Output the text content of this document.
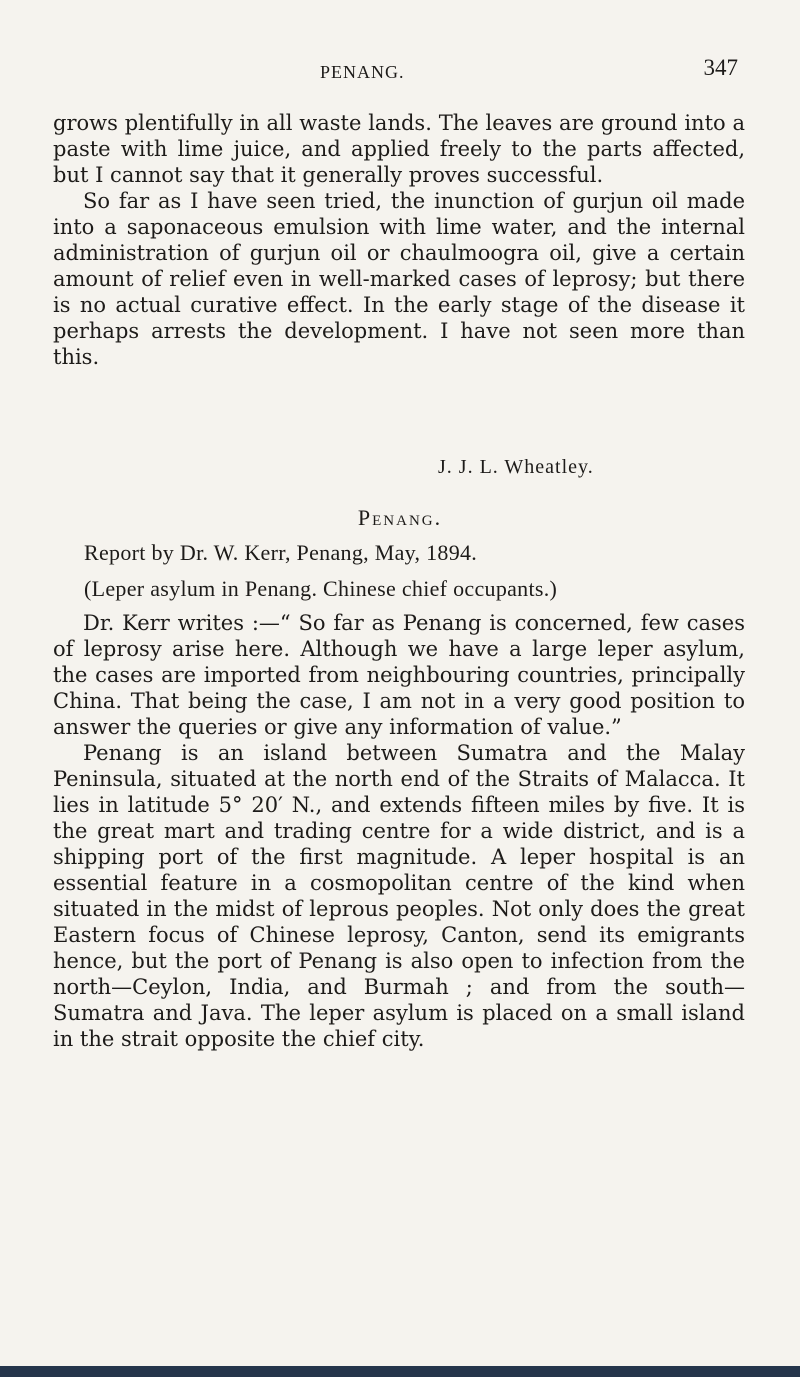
PENANG.	347

grows plentifully in all waste lands. The leaves are ground into a paste with lime juice, and applied freely to the parts affected, but I cannot say that it generally proves successful.

So far as I have seen tried, the inunction of gurjun oil made into a saponaceous emulsion with lime water, and the internal administration of gurjun oil or chaulmoogra oil, give a certain amount of relief even in well-marked cases of leprosy; but there is no actual curative effect. In the early stage of the disease it perhaps arrests the development. I have not seen more than this.

J. J. L. Wheatley.
Penang.
Report by Dr. W. Kerr, Penang, May, 1894.
(Leper asylum in Penang. Chinese chief occupants.)

Dr. Kerr writes :—“ So far as Penang is concerned, few cases of leprosy arise here. Although we have a large leper asylum, the cases are imported from neighbouring countries, principally China. That being the case, I am not in a very good position to answer the queries or give any information of value.”

Penang is an island between Sumatra and the Malay Peninsula, situated at the north end of the Straits of Malacca. It lies in latitude 5° 20′ N., and extends fifteen miles by five. It is the great mart and trading centre for a wide district, and is a shipping port of the first magnitude. A leper hospital is an essential feature in a cosmopolitan centre of the kind when situated in the midst of leprous peoples. Not only does the great Eastern focus of Chinese leprosy, Canton, send its emigrants hence, but the port of Penang is also open to infection from the north—Ceylon, India, and Burmah ; and from the south—Sumatra and Java. The leper asylum is placed on a small island in the strait opposite the chief city.
